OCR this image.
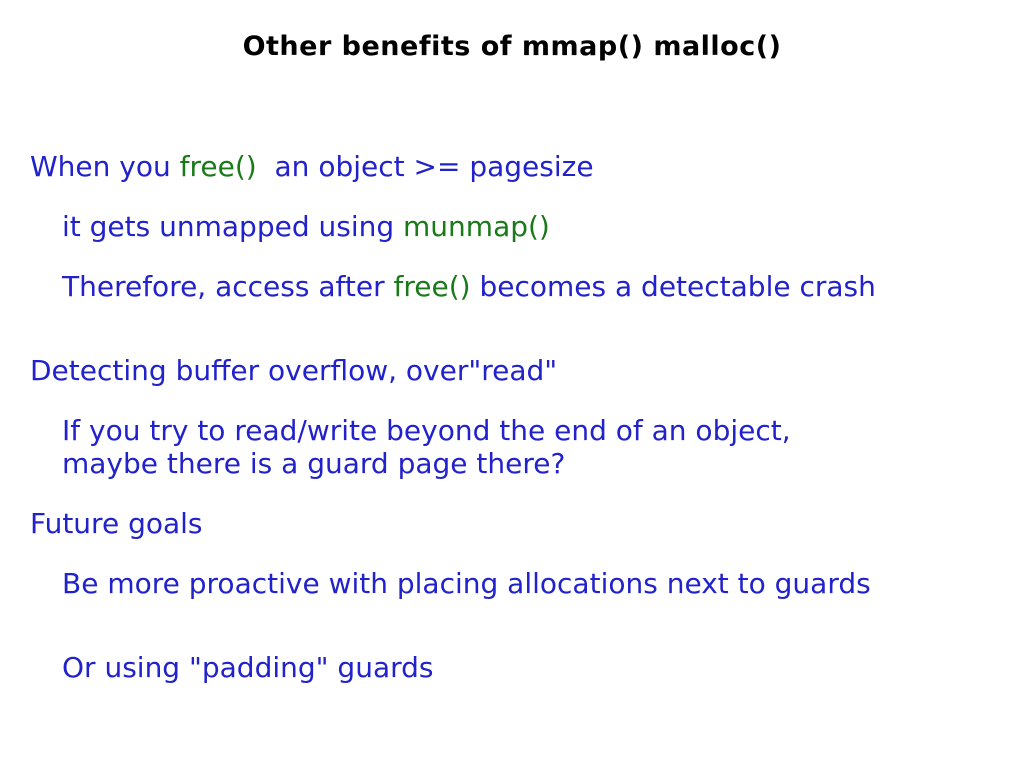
Other benefits of mmap() malloc()
When you free()  an object >= pagesize
it gets unmapped using munmap()
Therefore, access after free() becomes a detectable crash
Detecting buffer overflow, over"read"
If you try to read/write beyond the end of an object,
maybe there is a guard page there?
Future goals
Be more proactive with placing allocations next to guards
Or using "padding" guards
